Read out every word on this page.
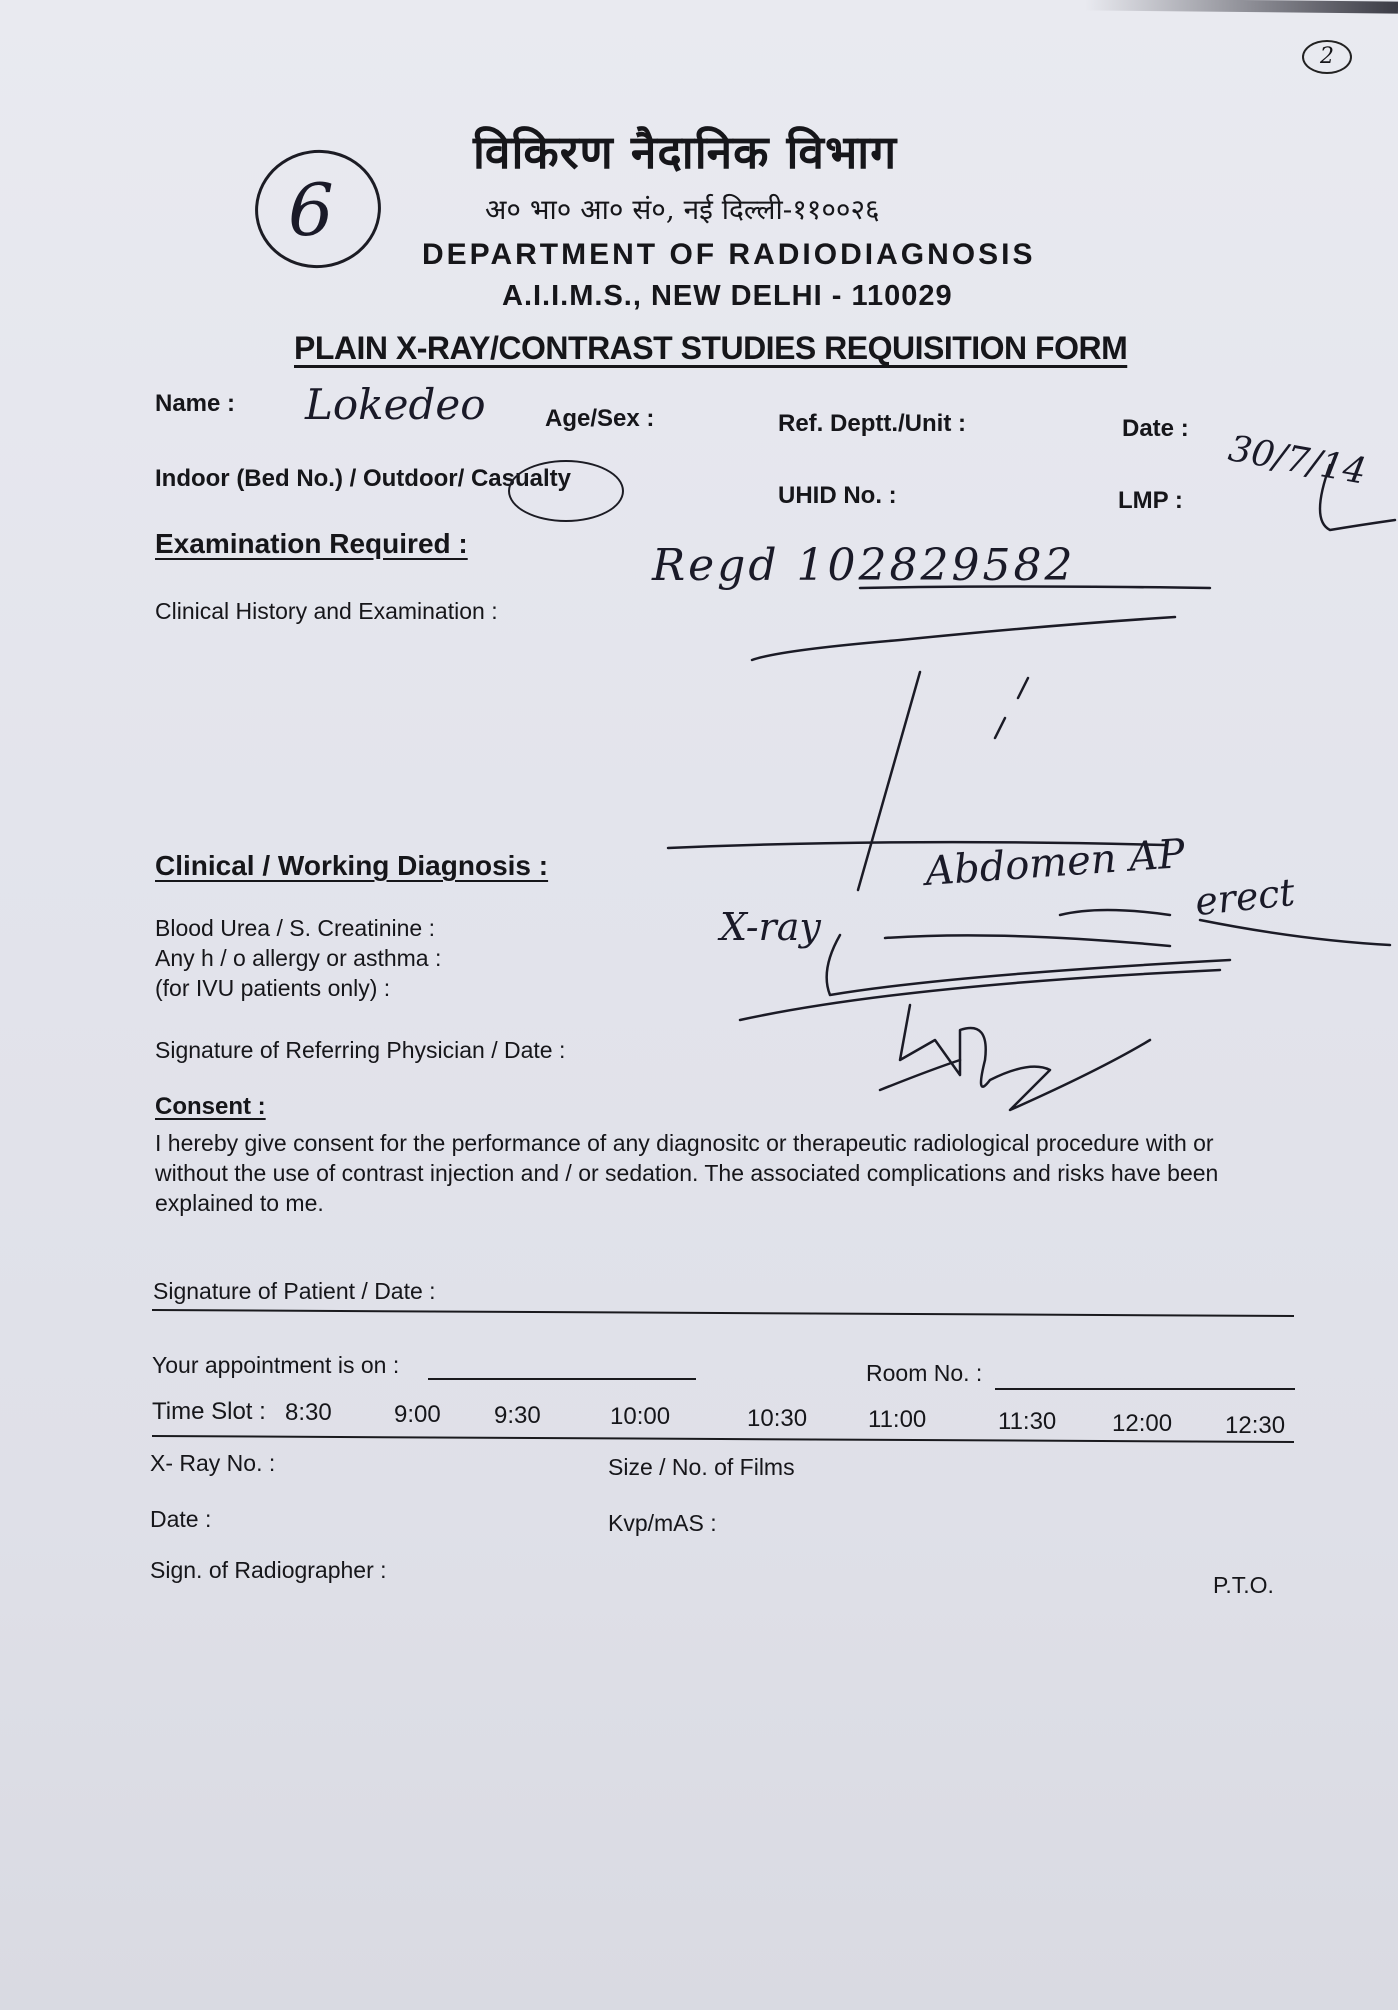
2
6
विकिरण नैदानिक विभाग
अ० भा० आ० सं०, नई दिल्ली-११००२६
DEPARTMENT OF RADIODIAGNOSIS
A.I.I.M.S., NEW DELHI - 110029
PLAIN X-RAY/CONTRAST STUDIES REQUISITION FORM
Name : Lokedeo Age/Sex :	Ref. Deptt./Unit :	Date : 30/7/14
Indoor (Bed No.) / Outdoor/ Casualty
UHID No. :	LMP :
Examination Required :	Regd 102829582
Clinical History and Examination :
Clinical / Working Diagnosis :	Abdomen AP
X-ray
erect
Blood Urea / S. Creatinine :
Any h / o allergy or asthma :
(for IVU patients only) :
Signature of Referring Physician / Date :
Consent :
I hereby give consent for the performance of any diagnositc or therapeutic radiological procedure with or
without the use of contrast injection and / or sedation. The associated complications and risks have been
explained to me.
Signature of Patient / Date :
Your appointment is on :	Room No. :
Time Slot : 8:30	9:00 9:30	10:00	10:30	11:00	11:30 12:00 12:30
X- Ray No. :	Size / No. of Films
Date :	Kvp/mAS :
Sign. of Radiographer :
P.T.O.
